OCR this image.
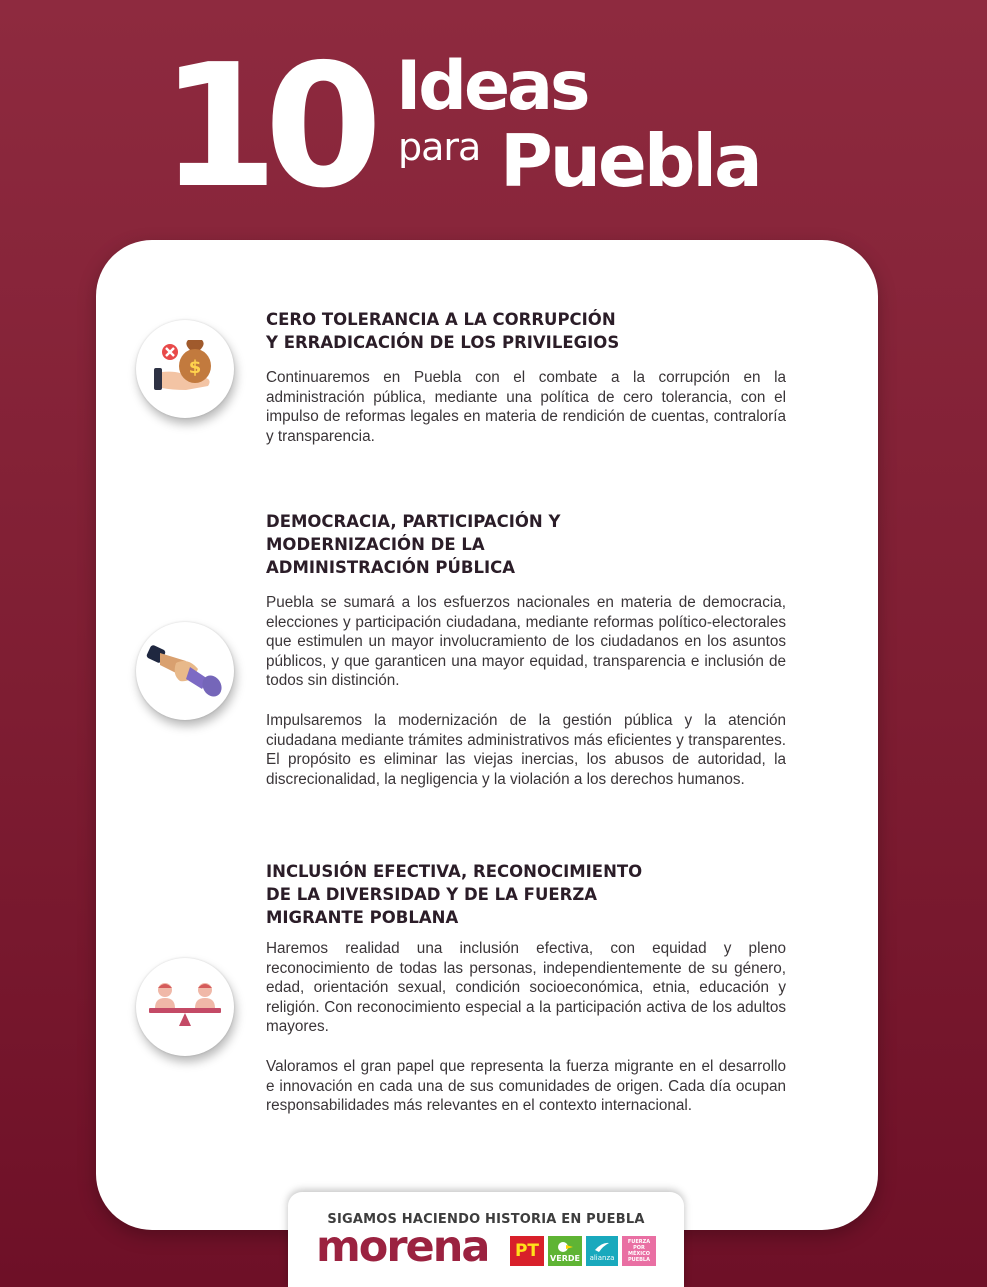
10 Ideas
para Puebla
$
CERO TOLERANCIA A LA CORRUPCIÓN
Y ERRADICACIÓN DE LOS PRIVILEGIOS

Continuaremos en Puebla con el combate a la corrupción en la administración pública, mediante una política de cero tolerancia, con el impulso de reformas legales en materia de rendición de cuentas, contraloría y transparencia.

DEMOCRACIA, PARTICIPACIÓN Y
MODERNIZACIÓN DE LA
ADMINISTRACIÓN PÚBLICA

Puebla se sumará a los esfuerzos nacionales en materia de democracia, elecciones y participación ciudadana, mediante reformas político-electorales que estimulen un mayor involucramiento de los ciudadanos en los asuntos públicos, y que garanticen una mayor equidad, transparencia e inclusión de todos sin distinción.

Impulsaremos la modernización de la gestión pública y la atención ciudadana mediante trámites administrativos más eficientes y transparentes. El propósito es eliminar las viejas inercias, los abusos de autoridad, la discrecionalidad, la negligencia y la violación a los derechos humanos.

INCLUSIÓN EFECTIVA, RECONOCIMIENTO
DE LA DIVERSIDAD Y DE LA FUERZA
MIGRANTE POBLANA

Haremos realidad una inclusión efectiva, con equidad y pleno reconocimiento de todas las personas, independientemente de su género, edad, orientación sexual, condición socioeconómica, etnia, educación y religión. Con reconocimiento especial a la participación activa de los adultos mayores.

Valoramos el gran papel que representa la fuerza migrante en el desarrollo e innovación en cada una de sus comunidades de origen. Cada día ocupan responsabilidades más relevantes en el contexto internacional.

SIGAMOS HACIENDO HISTORIA EN PUEBLA
morena PT	VERDE alianza
FUERZA POR MÉXICO PUEBLA
